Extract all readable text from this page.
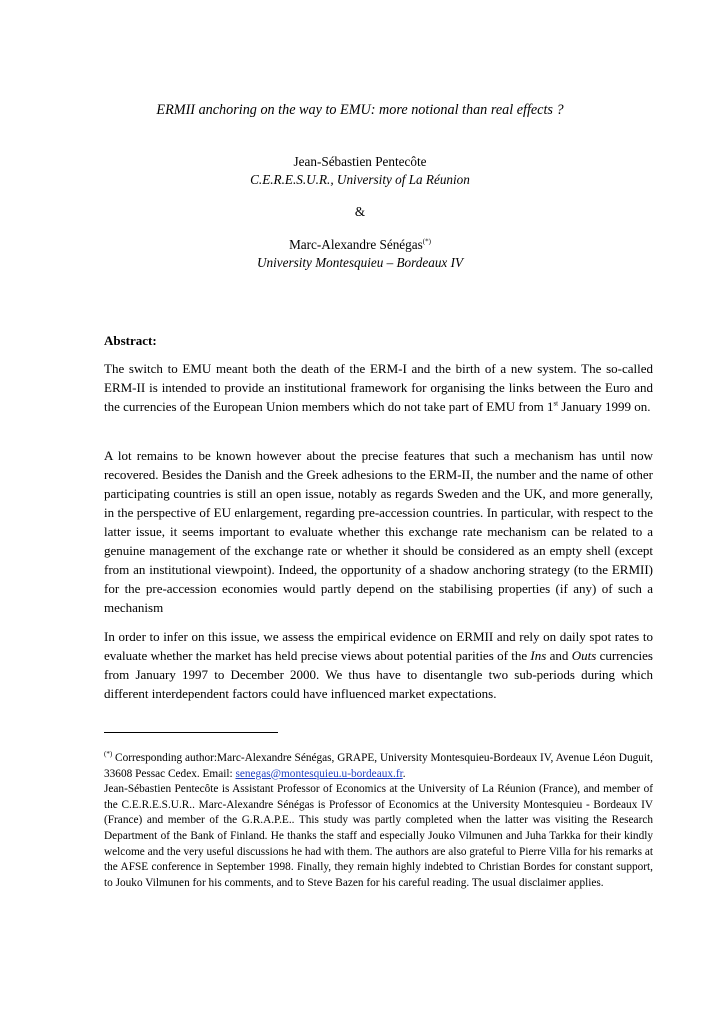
ERMII anchoring on the way to EMU: more notional than real effects ?
Jean-Sébastien Pentecôte
C.E.R.E.S.U.R., University of La Réunion
&
Marc-Alexandre Sénégas(*)
University Montesquieu – Bordeaux IV
Abstract:

The switch to EMU meant both the death of the ERM-I and the birth of a new system. The so-called ERM-II is intended to provide an institutional framework for organising the links between the Euro and the currencies of the European Union members which do not take part of EMU from 1st January 1999 on.

A lot remains to be known however about the precise features that such a mechanism has until now recovered. Besides the Danish and the Greek adhesions to the ERM-II, the number and the name of other participating countries is still an open issue, notably as regards Sweden and the UK, and more generally, in the perspective of EU enlargement, regarding pre-accession countries. In particular, with respect to the latter issue, it seems important to evaluate whether this exchange rate mechanism can be related to a genuine management of the exchange rate or whether it should be considered as an empty shell (except from an institutional viewpoint). Indeed, the opportunity of a shadow anchoring strategy (to the ERMII) for the pre-accession economies would partly depend on the stabilising properties (if any) of such a mechanism

In order to infer on this issue, we assess the empirical evidence on ERMII and rely on daily spot rates to evaluate whether the market has held precise views about potential parities of the Ins and Outs currencies from January 1997 to December 2000. We thus have to disentangle two sub-periods during which different interdependent factors could have influenced market expectations.

(*) Corresponding author:Marc-Alexandre Sénégas, GRAPE, University Montesquieu-Bordeaux IV, Avenue Léon Duguit, 33608 Pessac Cedex. Email: senegas@montesquieu.u-bordeaux.fr.

Jean-Sébastien Pentecôte is Assistant Professor of Economics at the University of La Réunion (France), and member of the C.E.R.E.S.U.R.. Marc-Alexandre Sénégas is Professor of Economics at the University Montesquieu - Bordeaux IV (France) and member of the G.R.A.P.E.. This study was partly completed when the latter was visiting the Research Department of the Bank of Finland. He thanks the staff and especially Jouko Vilmunen and Juha Tarkka for their kindly welcome and the very useful discussions he had with them. The authors are also grateful to Pierre Villa for his remarks at the AFSE conference in September 1998. Finally, they remain highly indebted to Christian Bordes for constant support, to Jouko Vilmunen for his comments, and to Steve Bazen for his careful reading. The usual disclaimer applies.
